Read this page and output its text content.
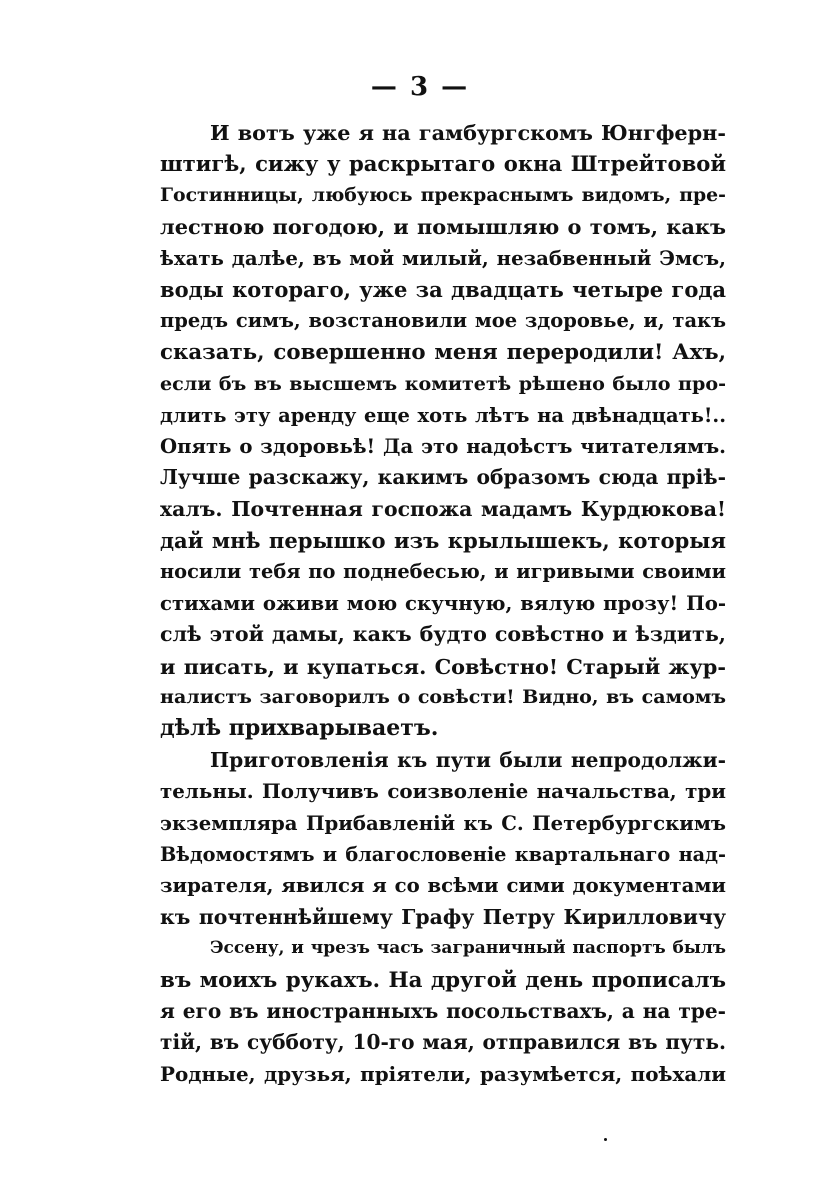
— 3 —
И вотъ уже я на гамбургскомъ Юнгферн-
штигѣ, сижу у раскрытаго окна Штрейтовой
Гостинницы, любуюсь прекраснымъ видомъ, пре-
лестною погодою, и помышляю о томъ, какъ
ѣхать далѣе, въ мой милый, незабвенный Эмсъ,
воды котораго, уже за двадцать четыре года
предъ симъ, возстановили мое здоровье, и, такъ
сказать, совершенно меня переродили! Ахъ,
если бъ въ высшемъ комитетѣ рѣшено было про-
длить эту аренду еще хоть лѣтъ на двѣнадцать!..
Опять о здоровьѣ! Да это надоѣстъ читателямъ.
Лучше разскажу, какимъ образомъ сюда пріѣ-
халъ. Почтенная госпожа мадамъ Курдюкова!
дай мнѣ перышко изъ крылышекъ, которыя
носили тебя по поднебесью, и игривыми своими
стихами оживи мою скучную, вялую прозу! По-
слѣ этой дамы, какъ будто совѣстно и ѣздить,
и писать, и купаться. Совѣстно! Старый жур-
налистъ заговорилъ о совѣсти! Видно, въ самомъ
дѣлѣ прихварываетъ.
Приготовленія къ пути были непродолжи-
тельны. Получивъ соизволеніе начальства, три
экземпляра Прибавленій къ С. Петербургскимъ
Вѣдомостямъ и благословеніе квартальнаго над-
зирателя, явился я со всѣми сими документами
къ почтеннѣйшему Графу Петру Кирилловичу
Эссену, и чрезъ часъ заграничный паспортъ былъ
въ моихъ рукахъ. На другой день прописалъ
я его въ иностранныхъ посольствахъ, а на тре-
тій, въ субботу, 10-го мая, отправился въ путь.
Родные, друзья, пріятели, разумѣется, поѣхали
